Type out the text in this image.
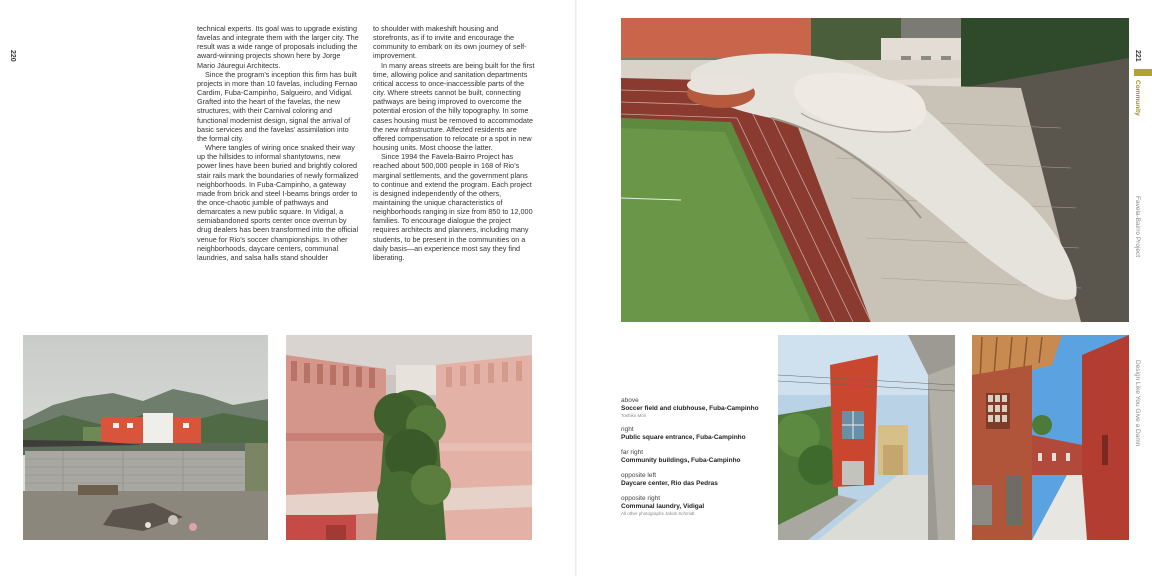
220	221
Community
Favela-Bairro Project
Design Like You Give a Damn

technical experts. Its goal was to upgrade existing favelas and integrate them with the larger city. The result was a wide range of proposals including the award-winning projects shown here by Jorge Mario Jáuregui Architects.

Since the program’s inception this firm has built projects in more than 10 favelas, including Fernao Cardim, Fuba-Campinho, Salgueiro, and Vidigal. Grafted into the heart of the favelas, the new structures, with their Carnival coloring and functional modernist design, signal the arrival of basic services and the favelas’ assimilation into the formal city.

Where tangles of wiring once snaked their way up the hillsides to informal shantytowns, new power lines have been buried and brightly colored stair rails mark the boundaries of newly formalized neighborhoods. In Fuba-Campinho, a gateway made from brick and steel I-beams brings order to the once-chaotic jumble of pathways and demarcates a new public square. In Vidigal, a semiabandoned sports center once overrun by drug dealers has been transformed into the official venue for Rio’s soccer championships. In other neighborhoods, daycare centers, communal laundries, and salsa halls stand shoulder

to shoulder with makeshift housing and storefronts, as if to invite and encourage the community to embark on its own journey of self-improvement.

In many areas streets are being built for the first time, allowing police and sanitation departments critical access to once-inaccessible parts of the city. Where streets cannot be built, connecting pathways are being improved to overcome the potential erosion of the hilly topography. In some cases housing must be removed to accommodate the new infrastructure. Affected residents are offered compensation to relocate or a spot in new housing units. Most choose the latter.

Since 1994 the Favela-Bairro Project has reached about 500,000 people in 168 of Rio’s marginal settlements, and the government plans to continue and extend the program. Each project is designed independently of the others, maintaining the unique characteristics of neighborhoods ranging in size from 850 to 12,000 families. To encourage dialogue the project requires architects and planners, including many students, to be present in the communities on a daily basis—an experience most say they find liberating.

above
Soccer field and clubhouse, Fuba-Campinho
Toshiko Mori
right
Public square entrance, Fuba-Campinho
far right
Community buildings, Fuba-Campinho
opposite left
Daycare center, Rio das Pedras
opposite right
Communal laundry, Vidigal
All other photographs Jakob Schmidt
